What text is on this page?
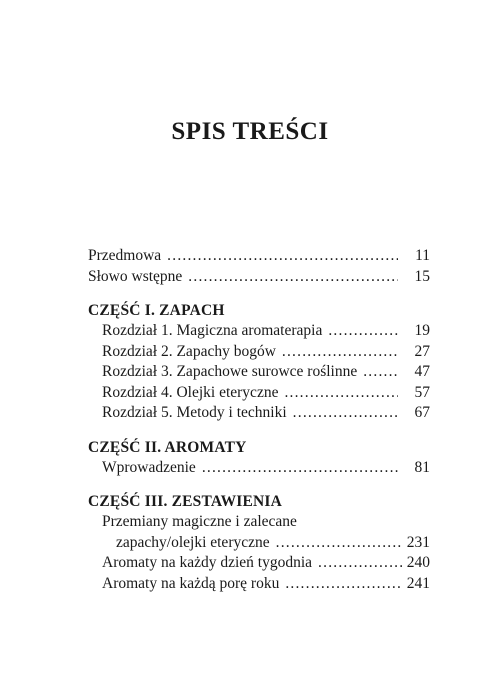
SPIS TREŚCI
Przedmowa .....	11
Słowo wstępne .....	15
CZĘŚĆ I. ZAPACH
Rozdział 1. Magiczna aromaterapia .....	19
Rozdział 2. Zapachy bogów .....	27
Rozdział 3. Zapachowe surowce roślinne .....	47
Rozdział 4. Olejki eteryczne .....	57
Rozdział 5. Metody i techniki .....	67
CZĘŚĆ II. AROMATY
Wprowadzenie .....	81
CZĘŚĆ III. ZESTAWIENIA
Przemiany magiczne i zalecane
zapachy/olejki eteryczne .....	231
Aromaty na każdy dzień tygodnia .....	240
Aromaty na każdą porę roku .....	241
